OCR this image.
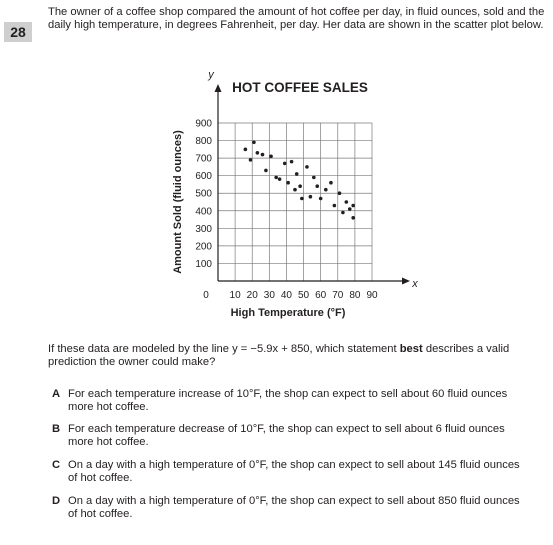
28

The owner of a coffee shop compared the amount of hot coffee per day, in fluid ounces, sold and the daily high temperature, in degrees Fahrenheit, per day. Her data are shown in the scatter plot below.

HOT COFFEE SALES
y
x
0
High Temperature (°F)
Amount Sold (fluid ounces)
10 20 30 40 50 60 70 80 90
100
200
300
400
500
600
700
800
900

If these data are modeled by the line y = −5.9x + 850, which statement best describes a valid prediction the owner could make?

A For each temperature increase of 10°F, the shop can expect to sell about 60 fluid ounces more hot coffee.
B For each temperature decrease of 10°F, the shop can expect to sell about 6 fluid ounces more hot coffee.
C On a day with a high temperature of 0°F, the shop can expect to sell about 145 fluid ounces of hot coffee.
D On a day with a high temperature of 0°F, the shop can expect to sell about 850 fluid ounces of hot coffee.
